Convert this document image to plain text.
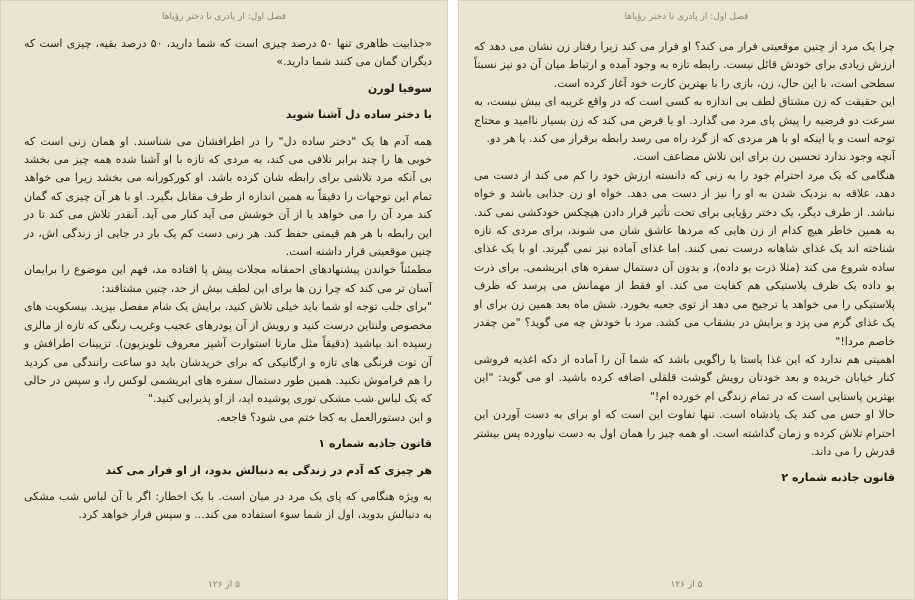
فصل اول: از پادری تا دختر رؤیاها

«جذابیت ظاهری تنها ۵۰ درصد چیزی است که شما دارید، ۵۰ درصد بقیه، چیزی است که دیگران گمان می کنند شما دارید.»

سوفیا لورن

با دختر ساده دل آشنا شوید

همه آدم ها یک "دختر ساده دل" را در اطرافشان می شناسند. او همان زنی است که خوبی ها را چند برابر تلافی می کند، به مردی که تازه با او آشنا شده همه چیز می بخشد بی آنکه مرد تلاشی برای رابطه شان کرده باشد. او کورکورانه می بخشد زیرا می خواهد تمام این توجهات را دقیقاً به همین اندازه از طرف مقابل بگیرد. او با هر آن چیزی که گمان کند مرد آن را می خواهد یا از آن خوشش می آید کنار می آید. آنقدر تلاش می کند تا در این رابطه با هر هم قیمتی حفظ کند. هر زنی دست کم یک بار در جایی از زندگی اش، در چنین موقعیتی قرار داشته است.

مطمئناً خواندن پیشنهادهای احمقانه مجلات پیش پا افتاده مد، فهم این موضوع را برایمان آسان تر می کند که چرا زن ها برای این لطف بیش از حد، چنین مشتاقند:

"برای جلب توجه او شما باید خیلی تلاش کنید. برایش یک شام مفصل بپزید. بیسکویت های مخصوص ولنتاین درست کنید و رویش از آن پودرهای عجیب وغریب رنگی که تازه از مالزی رسیده اند بپاشید (دقیقاً مثل مارتا استوارت آشپز معروف تلویزیون). تزیینات اطرافش و آن توت فرنگی های تازه و ارگانیکی که برای خریدشان باید دو ساعت رانندگی می کردید را هم فراموش نکنید. همین طور دستمال سفره های ابریشمی لوکس را، و سپس در حالی که یک لباس شب مشکی توری پوشیده اید، از او پذیرایی کنید."

و این دستورالعمل به کجا ختم می شود؟ فاجعه.

قانون جاذبه شماره ۱

هر چیزی که آدم در زندگی به دنبالش بدود، از او فرار می کند

به ویژه هنگامی که پای یک مرد در میان است. با یک اخطار: اگر با آن لباس شب مشکی به دنبالش بدوید، اول از شما سوء استفاده می کند... و سپس فرار خواهد کرد.

۵ از ۱۲۶
فصل اول: از پادری تا دختر رؤیاها

چرا یک مرد از چنین موقعیتی فرار می کند؟ او فرار می کند زیرا رفتار زن نشان می دهد که ارزش زیادی برای خودش قائل نیست. رابطه تازه به وجود آمده و ارتباط میان آن دو نیز نسبتاً سطحی است، با این حال، زن، بازی را با بهترین کارت خود آغاز کرده است.

این حقیقت که زن مشتاق لطف بی اندازه به کسی است که در واقع غریبه ای بیش نیست، به سرعت دو فرضیه را پیش پای مرد می گذارد. او یا فرض می کند که زن بسیار ناامید و محتاج توجه است و یا اینکه او با هر مردی که از گرد راه می رسد رابطه برقرار می کند. یا هر دو.

آنچه وجود ندارد تحسین زن برای این تلاش مضاعف است.

هنگامی که یک مرد احترام خود را به زنی که دانسته ارزش خود را کم می کند از دست می دهد، علاقه به نزدیک شدن به او را نیز از دست می دهد. خواه او زن جذابی باشد و خواه نباشد. از طرف دیگر، یک دختر رؤیایی برای تحت تأثیر قرار دادن هیچکس خودکشی نمی کند. به همین خاطر هیچ کدام از زن هایی که مردها عاشق شان می شوند، برای مردی که تازه شناخته اند یک غذای شاهانه درست نمی کنند. اما غذای آماده نیز نمی گیرند. او با یک غذای ساده شروع می کند (مثلا ذرت بو داده)، و بدون آن دستمال سفره های ابریشمی. برای ذرت بو داده یک ظرف پلاستیکی هم کفایت می کند. او فقط از مهمانش می پرسد که ظرف پلاستیکی را می خواهد یا ترجیح می دهد از توی جعبه بخورد. شش ماه بعد همین زن برای او یک غذای گرم می پزد و برایش در بشقاب می کشد. مرد با خودش چه می گوید؟ "من چقدر خاصم مردا!"

اهمیتی هم ندارد که این غذا پاستا یا راگویی باشد که شما آن را آماده از دکه اغذیه فروشی کنار خیابان خریده و بعد خودتان رویش گوشت قلقلی اضافه کرده باشید. او می گوید: "این بهترین پاستایی است که در تمام زندگی ام خورده ام!"

حالا او حس می کند یک پادشاه است. تنها تفاوت این است که او برای به دست آوردن این احترام تلاش کرده و زمان گذاشته است. او همه چیز را همان اول به دست نیاورده پس بیشتر قدرش را می داند.

قانون جاذبه شماره ۲

۵ از ۱۲۶
